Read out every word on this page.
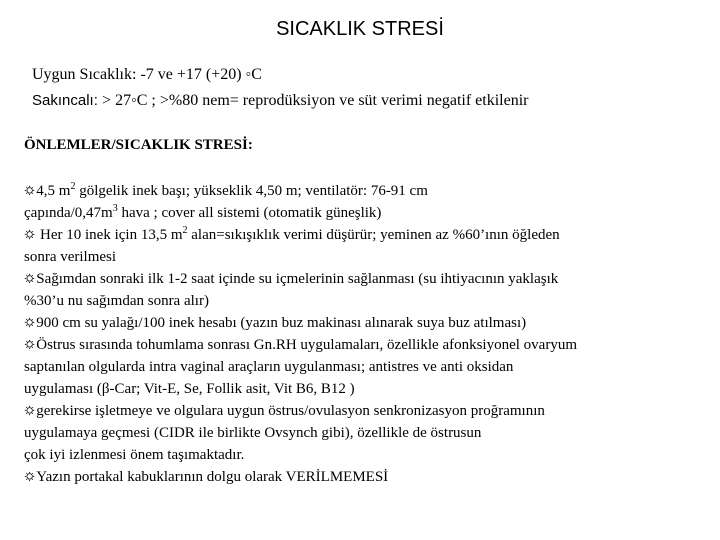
SICAKLIK STRESİ
Uygun Sıcaklık: -7 ve +17 (+20) ◦C
Sakıncalı: > 27◦C ; >%80 nem= reprodüksiyon ve süt verimi negatif etkilenir
ÖNLEMLER/SICAKLIK STRESİ:
🌣4,5 $m^2$ gölgelik inek başı; yükseklik 4,50 m; ventilatör: 76-91 cm
çapında/$0,47m^3$ hava ; cover all sistemi (otomatik güneşlik)
🌣 Her 10 inek için 13,5 $m^2$ alan=sıkışıklık verimi düşürür; yeminen az %60’ının öğleden
sonra verilmesi
🌣Sağımdan sonraki ilk 1-2 saat içinde su içmelerinin sağlanması (su ihtiyacının yaklaşık
%30’u nu sağımdan sonra alır)
🌣900 cm su yalağı/100 inek hesabı (yazın buz makinası alınarak suya buz atılması)
🌣Östrus sırasında tohumlama sonrası Gn.RH uygulamaları, özellikle afonksiyonel ovaryum
saptanılan olgularda intra vaginal araçların uygulanması; antistres ve anti oksidan
uygulaması (β-Car; Vit-E, Se, Follik asit, Vit B6, B12 )
🌣gerekirse işletmeye ve olgulara uygun östrus/ovulasyon senkronizasyon proğramının
uygulamaya geçmesi (CIDR ile birlikte Ovsynch gibi), özellikle de östrusun
çok iyi izlenmesi önem taşımaktadır.
🌣Yazın portakal kabuklarının dolgu olarak VERİLMEMESİ
